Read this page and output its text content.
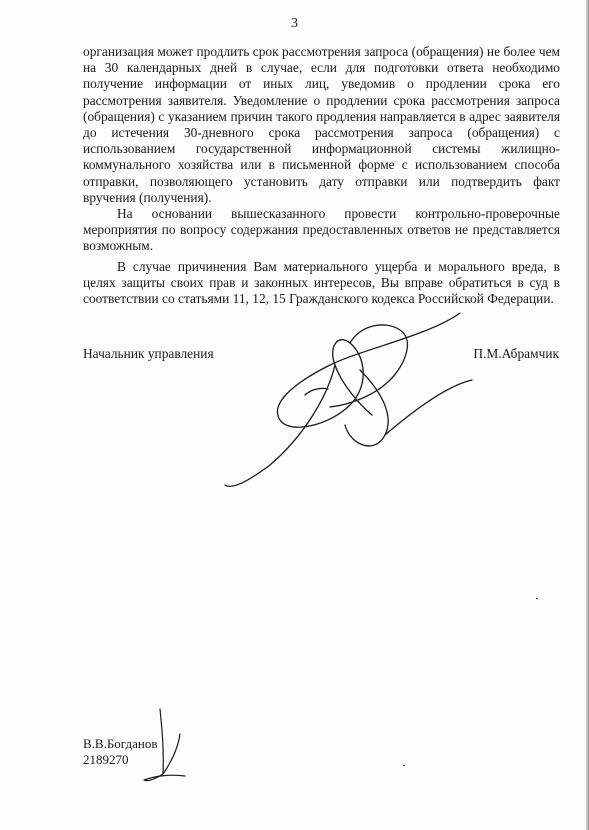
3

организация может продлить срок рассмотрения запроса (обращения) не более чем на 30 календарных дней в случае, если для подготовки ответа необходимо получение информации от иных лиц, уведомив о продлении срока его рассмотрения заявителя. Уведомление о продлении срока рассмотрения запроса (обращения) с указанием причин такого продления направляется в адрес заявителя до истечения 30-дневного срока рассмотрения запроса (обращения) с использованием государственной информационной системы жилищно-коммунального хозяйства или в письменной форме с использованием способа отправки, позволяющего установить дату отправки или подтвердить факт вручения (получения).

На основании вышесказанного провести контрольно-проверочные мероприятия по вопросу содержания предоставленных ответов не представляется возможным.

В случае причинения Вам материального ущерба и морального вреда, в целях защиты своих прав и законных интересов, Вы вправе обратиться в суд в соответствии со статьями 11, 12, 15 Гражданского кодекса Российской Федерации.

Начальник управления	П.М.Абрамчик
В.В.Богданов
2189270
